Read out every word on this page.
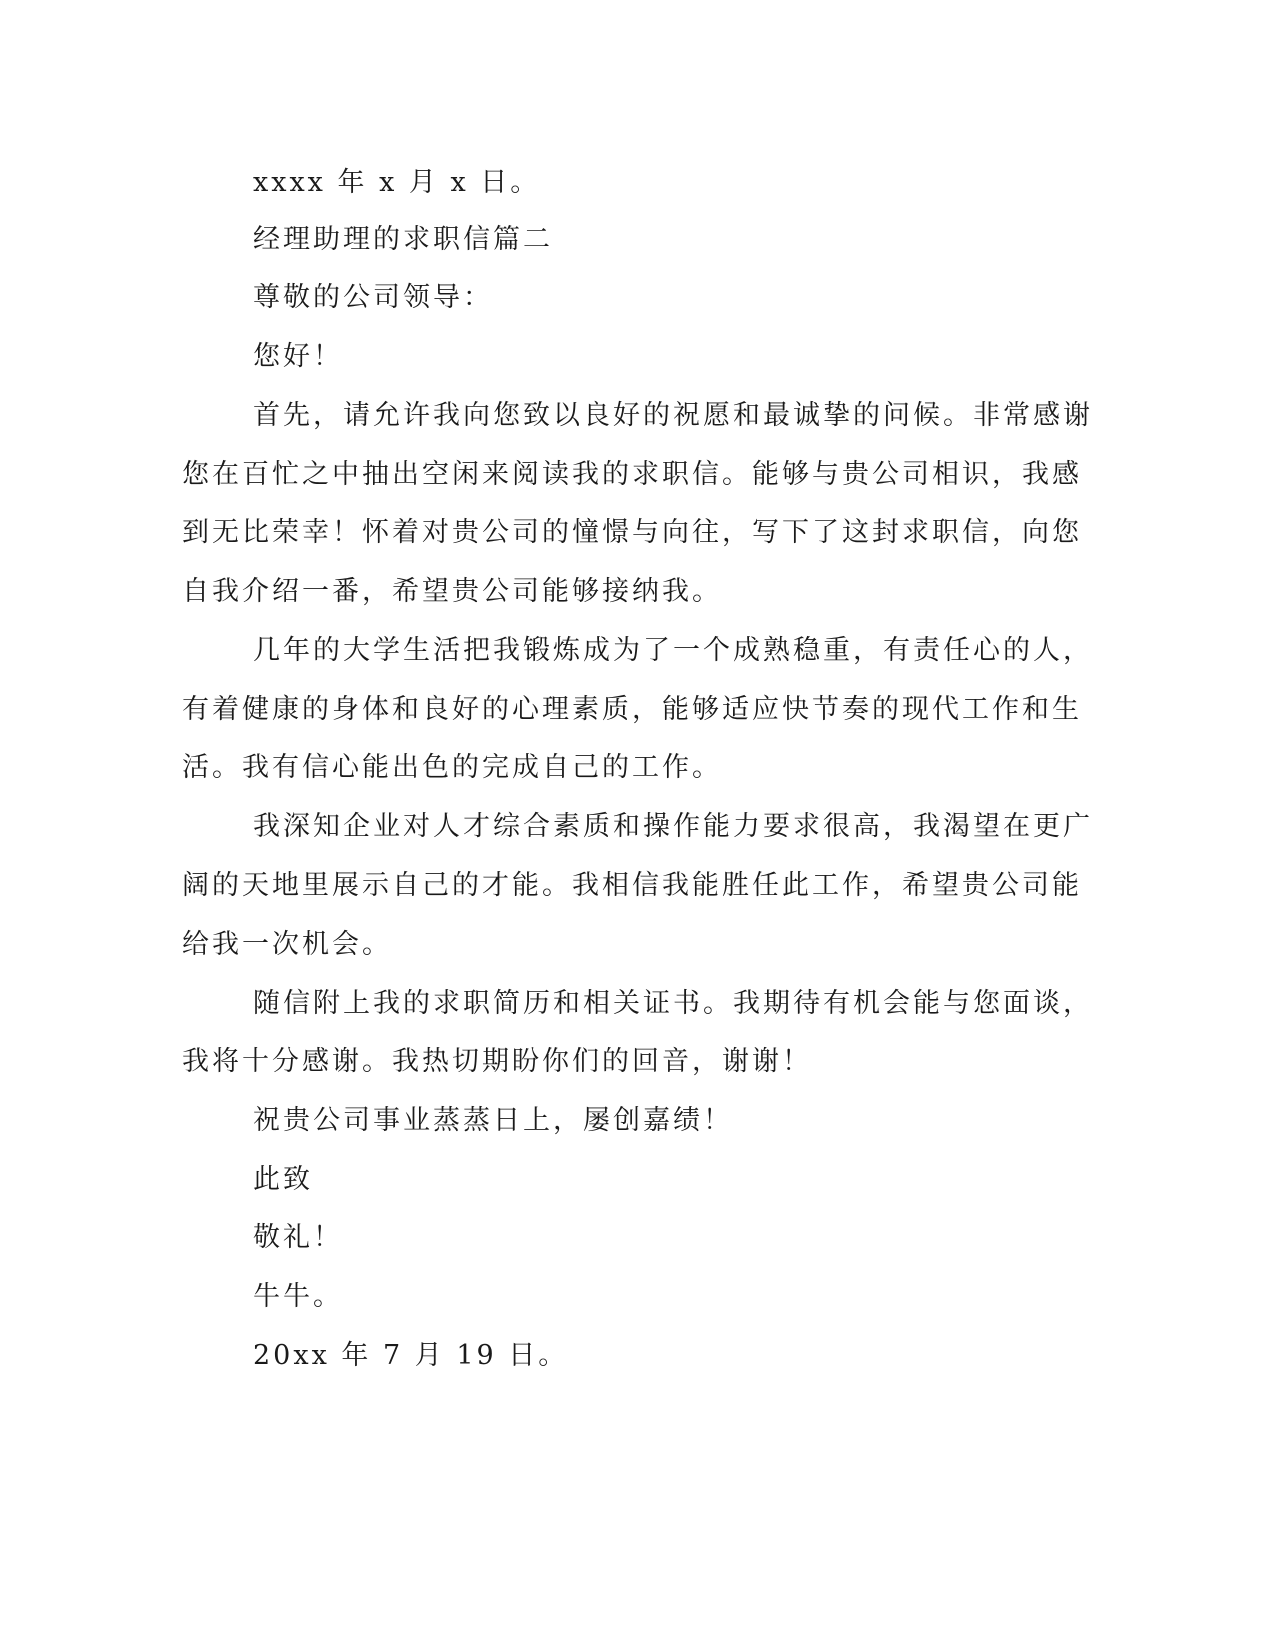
xxxx 年 x 月 x 日。

经理助理的求职信篇二

尊敬的公司领导：

您好！

首先，请允许我向您致以良好的祝愿和最诚挚的问候。非常感谢

您在百忙之中抽出空闲来阅读我的求职信。能够与贵公司相识，我感

到无比荣幸！怀着对贵公司的憧憬与向往，写下了这封求职信，向您

自我介绍一番，希望贵公司能够接纳我。

几年的大学生活把我锻炼成为了一个成熟稳重，有责任心的人，

有着健康的身体和良好的心理素质，能够适应快节奏的现代工作和生

活。我有信心能出色的完成自己的工作。

我深知企业对人才综合素质和操作能力要求很高，我渴望在更广

阔的天地里展示自己的才能。我相信我能胜任此工作，希望贵公司能

给我一次机会。

随信附上我的求职简历和相关证书。我期待有机会能与您面谈，

我将十分感谢。我热切期盼你们的回音，谢谢！

祝贵公司事业蒸蒸日上，屡创嘉绩！

此致

敬礼！

牛牛。

20xx 年 7 月 19 日。
